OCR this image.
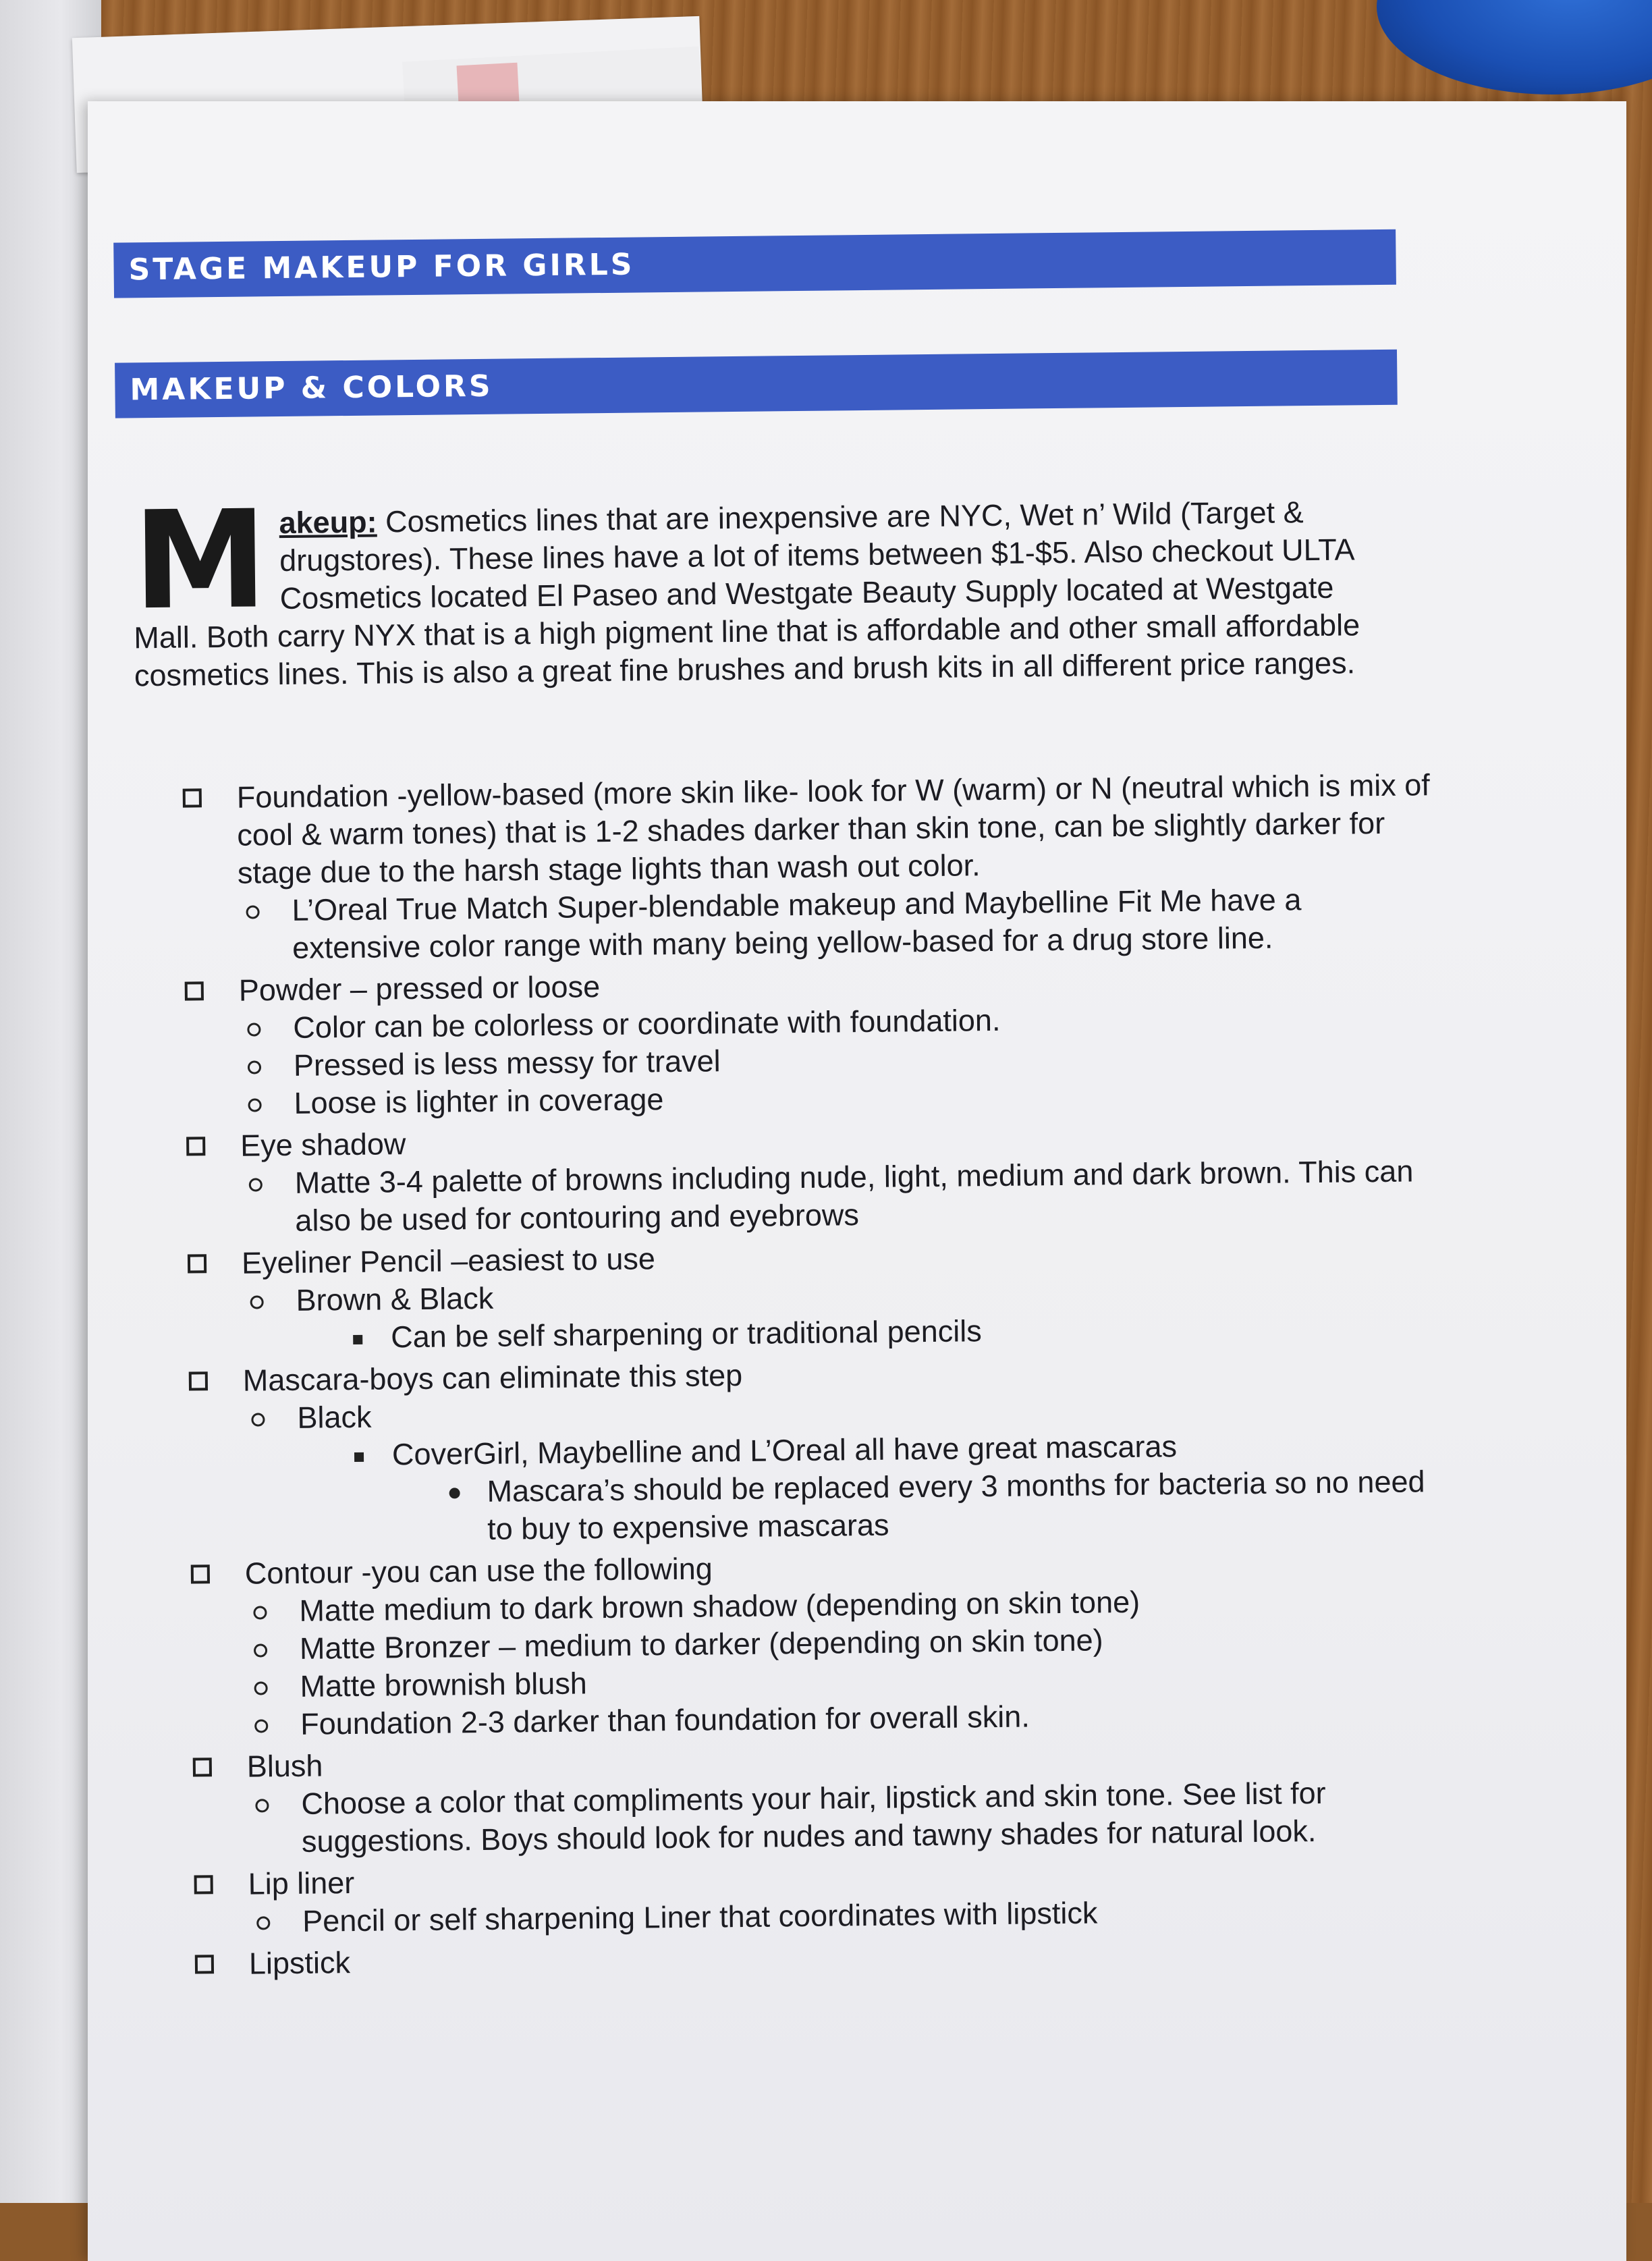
STAGE MAKEUP FOR GIRLS
MAKEUP & COLORS
Makeup: Cosmetics lines that are inexpensive are NYC, Wet n’ Wild (Target & drugstores). These lines have a lot of items between $1-$5. Also checkout ULTA Cosmetics located El Paseo and Westgate Beauty Supply located at Westgate Mall. Both carry NYX that is a high pigment line that is affordable and other small affordable cosmetics lines. This is also a great fine brushes and brush kits in all different price ranges.
Foundation -yellow-based (more skin like- look for W (warm) or N (neutral which is mix of cool & warm tones) that is 1-2 shades darker than skin tone, can be slightly darker for stage due to the harsh stage lights than wash out color.
L’Oreal True Match Super-blendable makeup and Maybelline Fit Me have a extensive color range with many being yellow-based for a drug store line.
Powder – pressed or loose
Color can be colorless or coordinate with foundation.
Pressed is less messy for travel
Loose is lighter in coverage
Eye shadow
Matte 3-4 palette of browns including nude, light, medium and dark brown. This can also be used for contouring and eyebrows
Eyeliner Pencil –easiest to use
Brown & Black
Can be self sharpening or traditional pencils
Mascara-boys can eliminate this step
Black
CoverGirl, Maybelline and L’Oreal all have great mascaras
Mascara’s should be replaced every 3 months for bacteria so no need to buy to expensive mascaras
Contour -you can use the following
Matte medium to dark brown shadow (depending on skin tone)
Matte Bronzer – medium to darker (depending on skin tone)
Matte brownish blush
Foundation 2-3 darker than foundation for overall skin.
Blush
Choose a color that compliments your hair, lipstick and skin tone. See list for suggestions. Boys should look for nudes and tawny shades for natural look.
Lip liner
Pencil or self sharpening Liner that coordinates with lipstick
Lipstick
